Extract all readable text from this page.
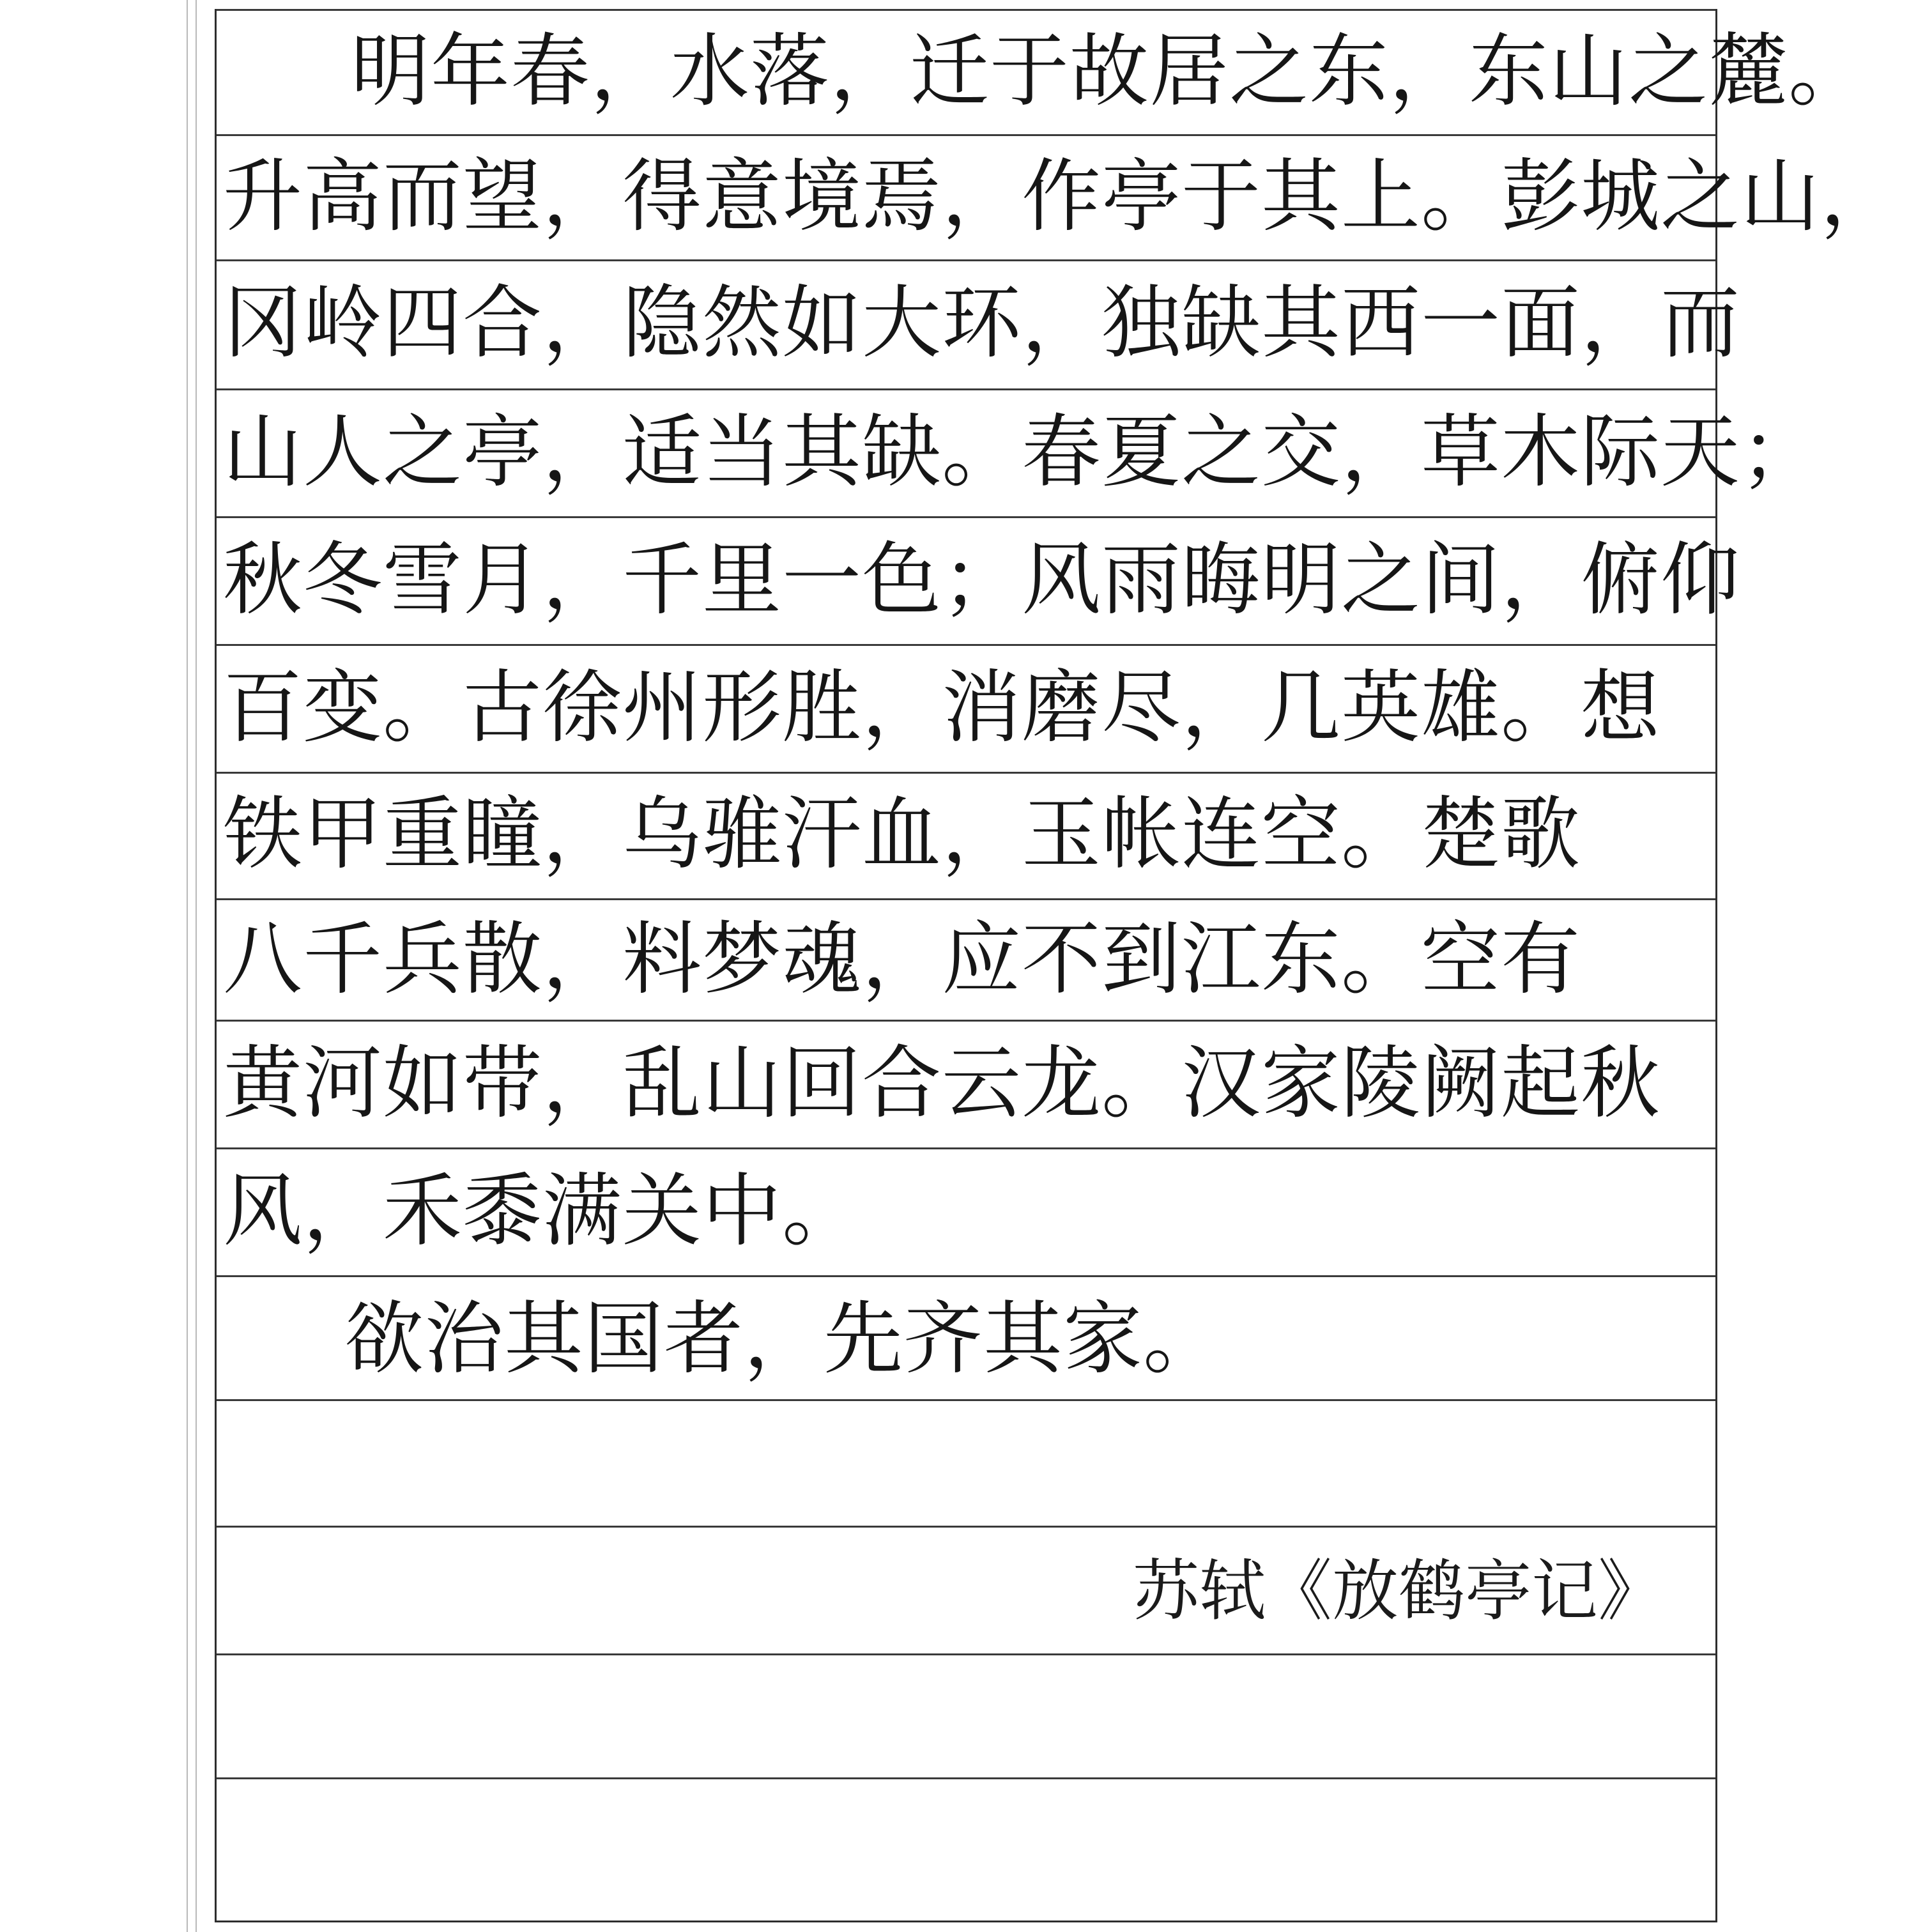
明年春，水落，迁于故居之东，东山之麓。
升高而望，得意境焉，作亭于其上。彭城之山，
冈岭四合，隐然如大环，独缺其西一面，而
山人之亭，适当其缺。春夏之交，草木际天；
秋冬雪月，千里一色；风雨晦明之间，俯仰
百变。古徐州形胜，消磨尽，几英雄。想
铁甲重瞳，乌骓汗血，玉帐连空。楚歌
八千兵散，料梦魂，应不到江东。空有
黄河如带，乱山回合云龙。汉家陵阙起秋
风，禾黍满关中。
欲治其国者，先齐其家。
苏轼《放鹤亭记》
